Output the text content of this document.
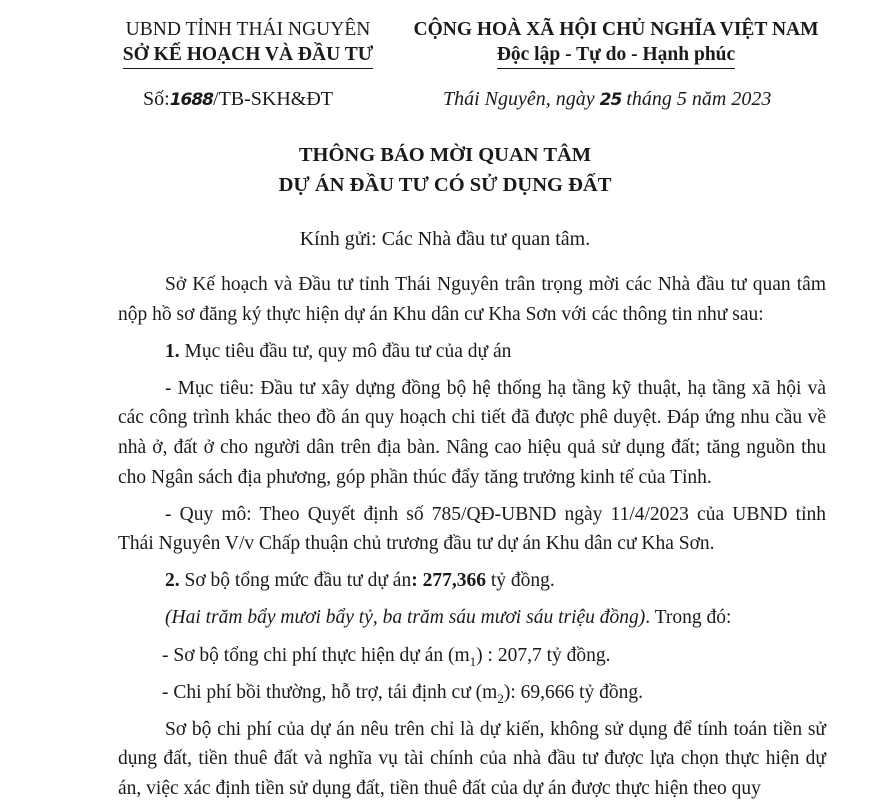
UBND TỈNH THÁI NGUYÊN
SỞ KẾ HOẠCH VÀ ĐẦU TƯ
CỘNG HOÀ XÃ HỘI CHỦ NGHĨA VIỆT NAM
Độc lập - Tự do - Hạnh phúc
Số:1688/TB-SKH&ĐT	Thái Nguyên, ngày 25 tháng 5 năm 2023
THÔNG BÁO MỜI QUAN TÂM
DỰ ÁN ĐẦU TƯ CÓ SỬ DỤNG ĐẤT
Kính gửi: Các Nhà đầu tư quan tâm.

Sở Kế hoạch và Đầu tư tỉnh Thái Nguyên trân trọng mời các Nhà đầu tư quan tâm nộp hồ sơ đăng ký thực hiện dự án Khu dân cư Kha Sơn với các thông tin như sau:

1. Mục tiêu đầu tư, quy mô đầu tư của dự án

- Mục tiêu: Đầu tư xây dựng đồng bộ hệ thống hạ tầng kỹ thuật, hạ tầng xã hội và các công trình khác theo đồ án quy hoạch chi tiết đã được phê duyệt. Đáp ứng nhu cầu về nhà ở, đất ở cho người dân trên địa bàn. Nâng cao hiệu quả sử dụng đất; tăng nguồn thu cho Ngân sách địa phương, góp phần thúc đẩy tăng trưởng kinh tế của Tỉnh.

- Quy mô: Theo Quyết định số 785/QĐ-UBND ngày 11/4/2023 của UBND tỉnh Thái Nguyên V/v Chấp thuận chủ trương đầu tư dự án Khu dân cư Kha Sơn.

2. Sơ bộ tổng mức đầu tư dự án: 277,366 tỷ đồng.

(Hai trăm bẩy mươi bẩy tỷ, ba trăm sáu mươi sáu triệu đồng). Trong đó:

- Sơ bộ tổng chi phí thực hiện dự án $(m_1)$ : 207,7 tỷ đồng.

- Chi phí bồi thường, hỗ trợ, tái định cư $(m_2)$: 69,666 tỷ đồng.

Sơ bộ chi phí của dự án nêu trên chỉ là dự kiến, không sử dụng để tính toán tiền sử dụng đất, tiền thuê đất và nghĩa vụ tài chính của nhà đầu tư được lựa chọn thực hiện dự án, việc xác định tiền sử dụng đất, tiền thuê đất của dự án được thực hiện theo quy
